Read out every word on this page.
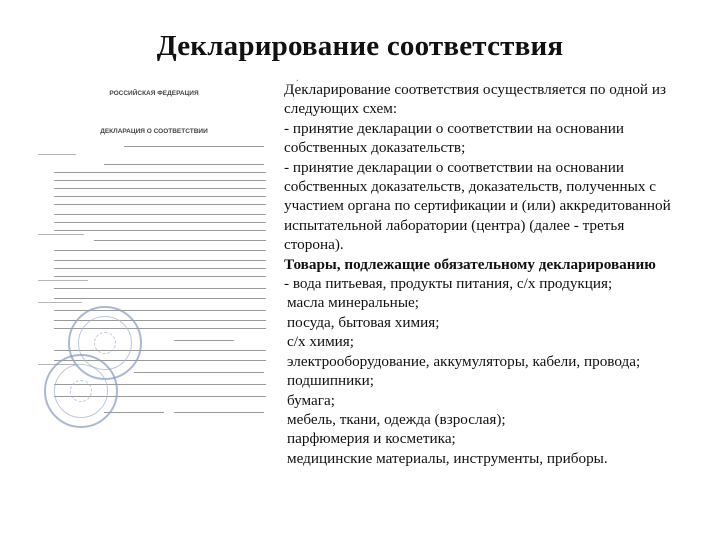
Декларирование соответствия
.
РОССИЙСКАЯ ФЕДЕРАЦИЯ
ДЕКЛАРАЦИЯ О СООТВЕТСТВИИ
Декларирование соответствия осуществляется по одной из
следующих схем:
- принятие декларации о соответствии на основании
собственных доказательств;
- принятие декларации о соответствии на основании
собственных доказательств, доказательств, полученных с
участием органа по сертификации и (или) аккредитованной
испытательной лаборатории (центра) (далее - третья
сторона).
Товары, подлежащие обязательному декларированию
- вода питьевая, продукты питания, с/х продукция;
масла минеральные;
посуда, бытовая химия;
с/х химия;
электрооборудование, аккумуляторы, кабели, провода;
подшипники;
бумага;
мебель, ткани, одежда (взрослая);
парфюмерия и косметика;
медицинские материалы, инструменты, приборы.
